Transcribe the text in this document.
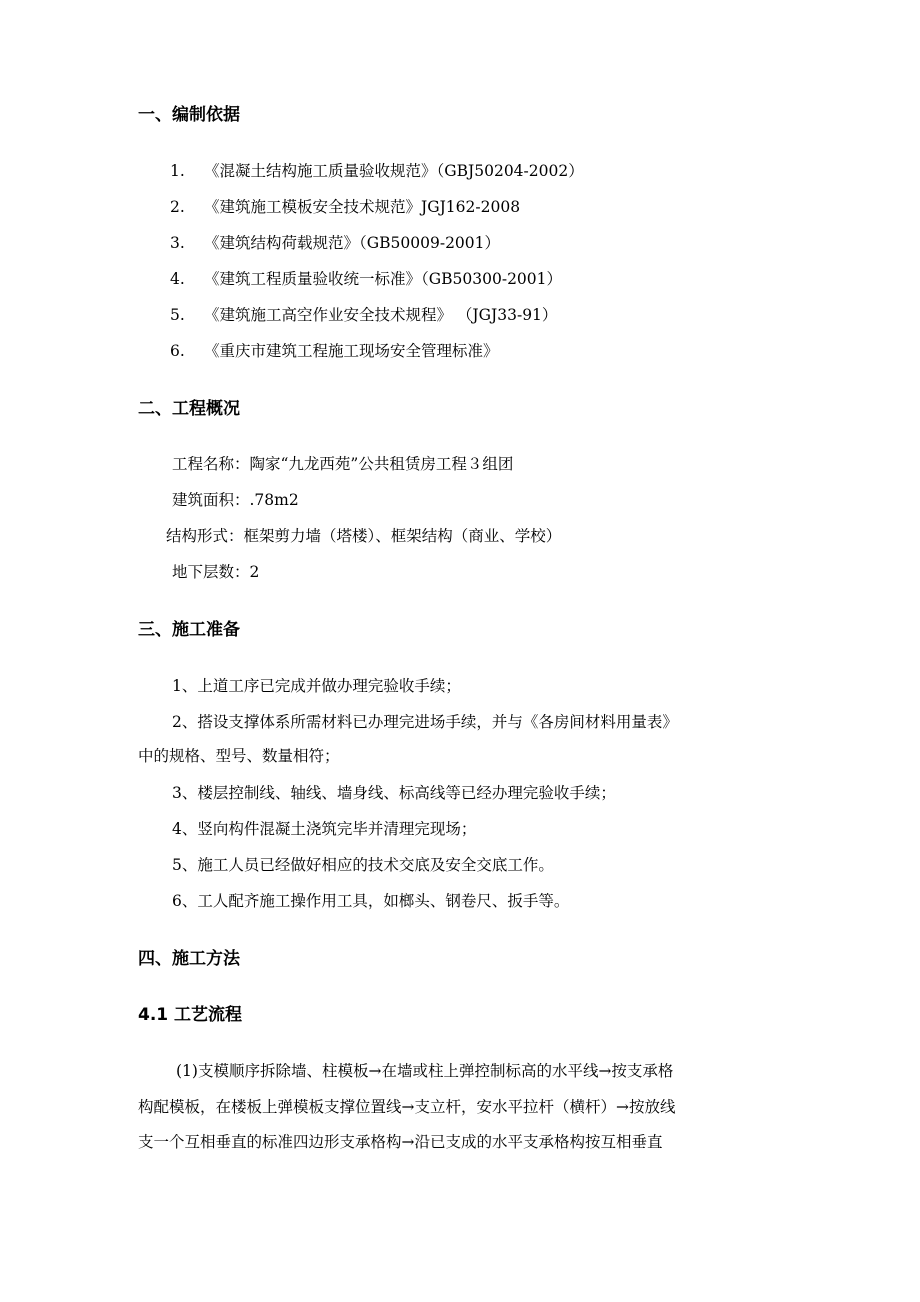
一、编制依据
1. 《混凝土结构施工质量验收规范》（GBJ50204-2002）
2. 《建筑施工模板安全技术规范》JGJ162-2008
3. 《建筑结构荷载规范》（GB50009-2001）
4. 《建筑工程质量验收统一标准》（GB50300-2001）
5. 《建筑施工高空作业安全技术规程》 （JGJ33-91）
6. 《重庆市建筑工程施工现场安全管理标准》
二、工程概况
工程名称：陶家“九龙西苑”公共租赁房工程３组团
建筑面积：.78m2
结构形式：框架剪力墙（塔楼）、框架结构（商业、学校）
地下层数：2
三、施工准备
1、上道工序已完成并做办理完验收手续；
2、搭设支撑体系所需材料已办理完进场手续，并与《各房间材料用量表》
中的规格、型号、数量相符；
3、楼层控制线、轴线、墙身线、标高线等已经办理完验收手续；
4、竖向构件混凝土浇筑完毕并清理完现场；
5、施工人员已经做好相应的技术交底及安全交底工作。
6、工人配齐施工操作用工具，如榔头、钢卷尺、扳手等。
四、施工方法
4.1 工艺流程
(1)支模顺序拆除墙、柱模板→在墙或柱上弹控制标高的水平线→按支承格
构配模板，在楼板上弹模板支撑位置线→支立杆，安水平拉杆（横杆）→按放线
支一个互相垂直的标准四边形支承格构→沿已支成的水平支承格构按互相垂直
